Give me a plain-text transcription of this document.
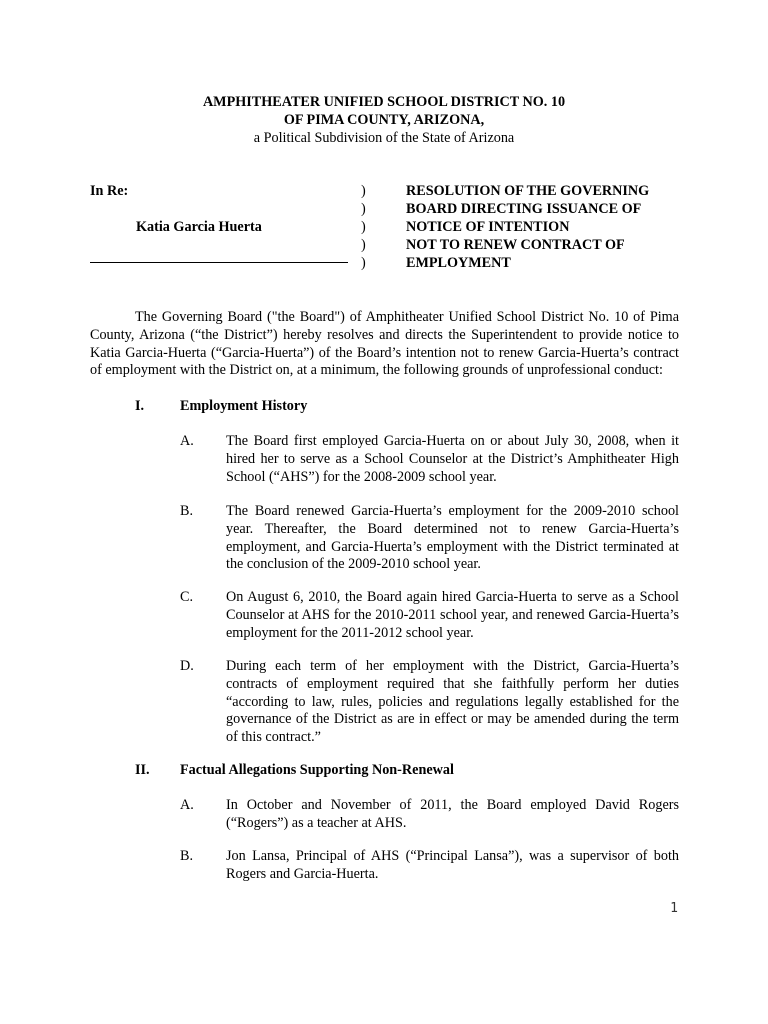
AMPHITHEATER UNIFIED SCHOOL DISTRICT NO. 10
OF PIMA COUNTY, ARIZONA,
a Political Subdivision of the State of Arizona
In Re:
Katia Garcia Huerta
)
)
)
)
)
RESOLUTION OF THE GOVERNING
BOARD DIRECTING ISSUANCE OF
NOTICE OF INTENTION
NOT TO RENEW CONTRACT OF
EMPLOYMENT

The Governing Board ("the Board") of Amphitheater Unified School District No. 10 of Pima County, Arizona (“the District”) hereby resolves and directs the Superintendent to provide notice to Katia Garcia-Huerta (“Garcia-Huerta”) of the Board’s intention not to renew Garcia-Huerta’s contract of employment with the District on, at a minimum, the following grounds of unprofessional conduct:

I.	Employment History
A. The Board first employed Garcia-Huerta on or about July 30, 2008, when it hired her to serve as a School Counselor at the District’s Amphitheater High School (“AHS”) for the 2008-2009 school year.
B. The Board renewed Garcia-Huerta’s employment for the 2009-2010 school year. Thereafter, the Board determined not to renew Garcia-Huerta’s employment, and Garcia-Huerta’s employment with the District terminated at the conclusion of the 2009-2010 school year.
C. On August 6, 2010, the Board again hired Garcia-Huerta to serve as a School Counselor at AHS for the 2010-2011 school year, and renewed Garcia-Huerta’s employment for the 2011-2012 school year.
D. During each term of her employment with the District, Garcia-Huerta’s contracts of employment required that she faithfully perform her duties “according to law, rules, policies and regulations legally established for the governance of the District as are in effect or may be amended during the term of this contract.”
II. Factual Allegations Supporting Non-Renewal
A. In October and November of 2011, the Board employed David Rogers (“Rogers”) as a teacher at AHS.
B. Jon Lansa, Principal of AHS (“Principal Lansa”), was a supervisor of both Rogers and Garcia-Huerta.
1
